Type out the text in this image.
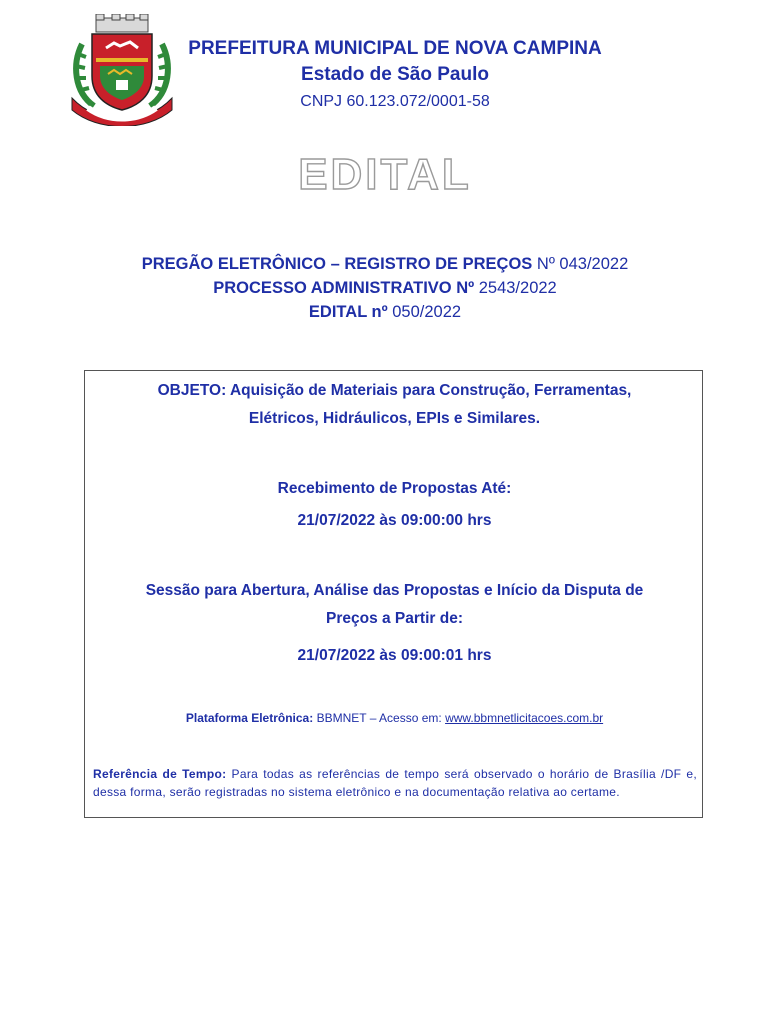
PREFEITURA MUNICIPAL DE NOVA CAMPINA
Estado de São Paulo
CNPJ 60.123.072/0001-58
EDITAL
PREGÃO ELETRÔNICO – REGISTRO DE PREÇOS Nº 043/2022
PROCESSO ADMINISTRATIVO Nº 2543/2022
EDITAL nº 050/2022
OBJETO: Aquisição de Materiais para Construção, Ferramentas,
Elétricos, Hidráulicos, EPIs e Similares.
Recebimento de Propostas Até:
21/07/2022 às 09:00:00 hrs
Sessão para Abertura, Análise das Propostas e Início da Disputa de
Preços a Partir de:
21/07/2022 às 09:00:01 hrs
Plataforma Eletrônica: BBMNET – Acesso em: www.bbmnetlicitacoes.com.br
Referência de Tempo: Para todas as referências de tempo será observado o horário de Brasília /DF e, dessa forma, serão registradas no sistema eletrônico e na documentação relativa ao certame.
